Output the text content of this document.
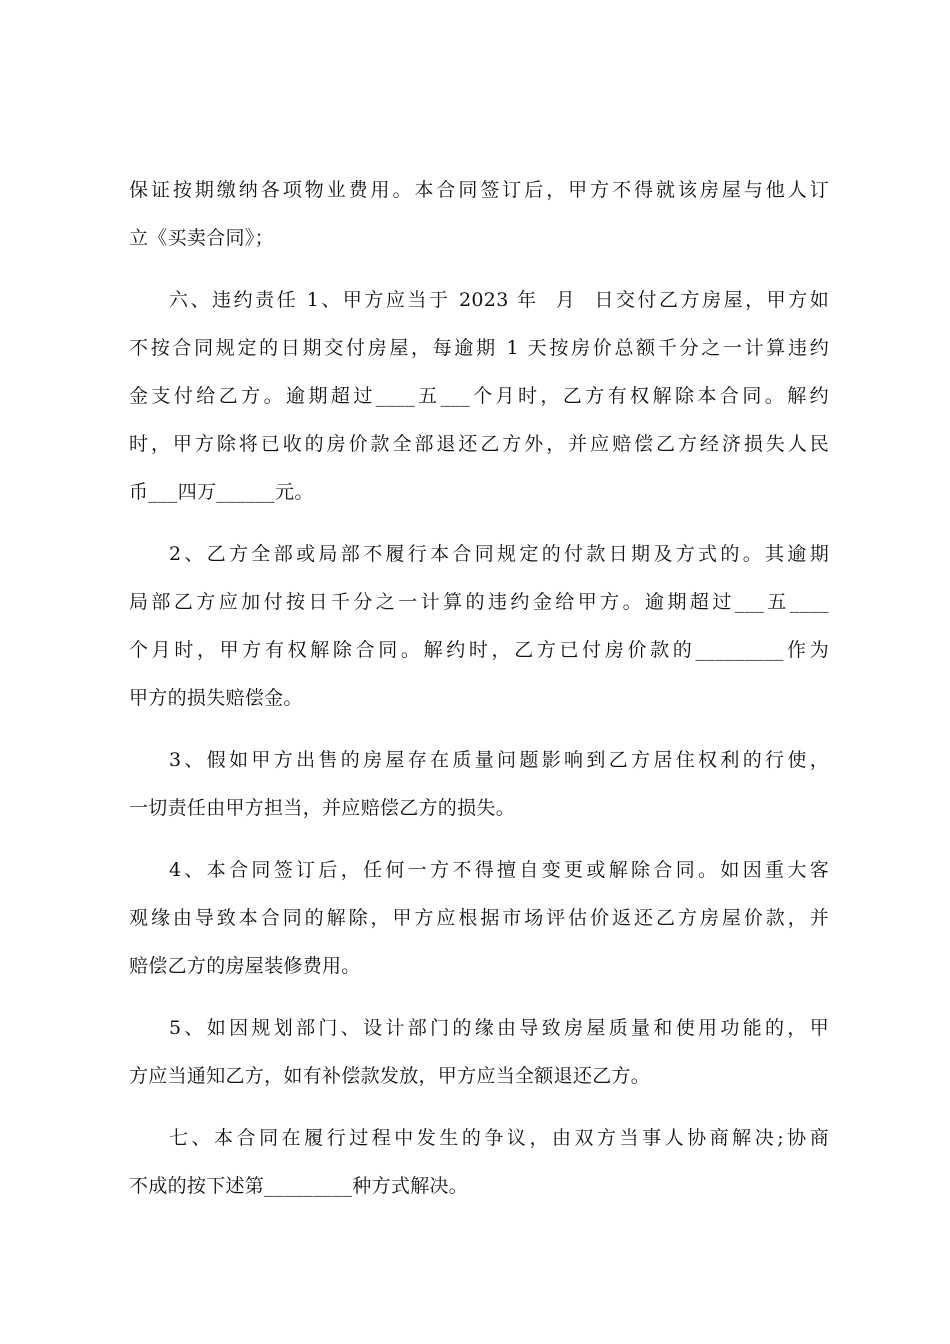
保证按期缴纳各项物业费用。本合同签订后，甲方不得就该房屋与他人订
立《买卖合同》；
六、违约责任 1、甲方应当于 2023 年  月  日交付乙方房屋，甲方如
不按合同规定的日期交付房屋，每逾期 1 天按房价总额千分之一计算违约
金支付给乙方。逾期超过____五___个月时，乙方有权解除本合同。解约
时，甲方除将已收的房价款全部退还乙方外，并应赔偿乙方经济损失人民
币___四万______元。
2、乙方全部或局部不履行本合同规定的付款日期及方式的。其逾期
局部乙方应加付按日千分之一计算的违约金给甲方。逾期超过___五____
个月时，甲方有权解除合同。解约时，乙方已付房价款的_________作为
甲方的损失赔偿金。
3、假如甲方出售的房屋存在质量问题影响到乙方居住权利的行使，
一切责任由甲方担当，并应赔偿乙方的损失。
4、本合同签订后，任何一方不得擅自变更或解除合同。如因重大客
观缘由导致本合同的解除，甲方应根据市场评估价返还乙方房屋价款，并
赔偿乙方的房屋装修费用。
5、如因规划部门、设计部门的缘由导致房屋质量和使用功能的，甲
方应当通知乙方，如有补偿款发放，甲方应当全额退还乙方。
七、本合同在履行过程中发生的争议，由双方当事人协商解决;协商
不成的按下述第_________种方式解决。
